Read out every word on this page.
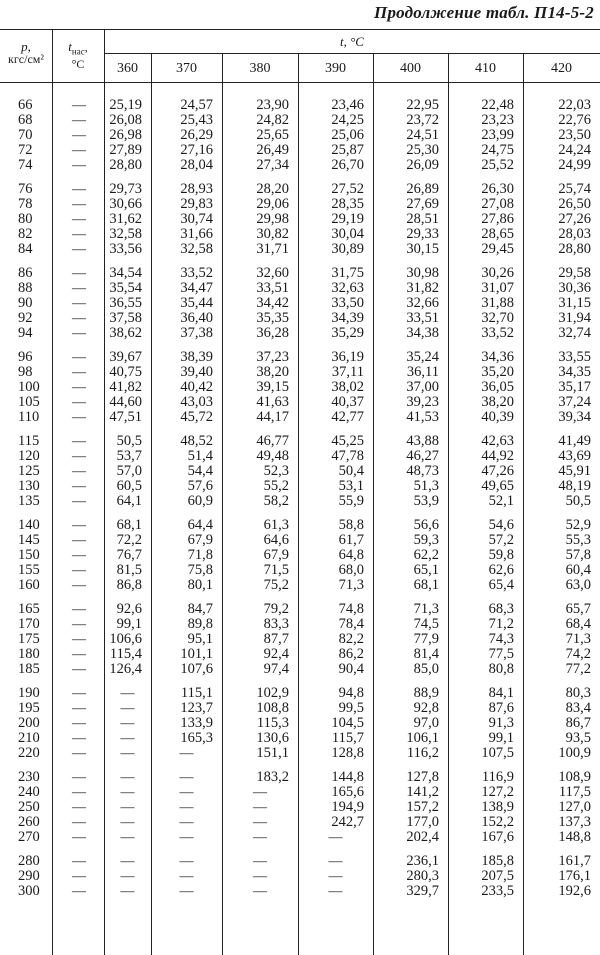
Продолжение табл. П14-5-2
p,
кгс/см²
$t_{нас}$,
°C
t, °C
360	370	380	390	400	410	420
66	—	25,19	24,57	23,90	23,46	22,95	22,48	22,03
68	—	26,08	25,43	24,82	24,25	23,72	23,23	22,76
70	—	26,98	26,29	25,65	25,06	24,51	23,99	23,50
72	—	27,89	27,16	26,49	25,87	25,30	24,75	24,24
74	—	28,80	28,04	27,34	26,70	26,09	25,52	24,99
76	—	29,73	28,93	28,20	27,52	26,89	26,30	25,74
78	—	30,66	29,83	29,06	28,35	27,69	27,08	26,50
80	—	31,62	30,74	29,98	29,19	28,51	27,86	27,26
82	—	32,58	31,66	30,82	30,04	29,33	28,65	28,03
84	—	33,56	32,58	31,71	30,89	30,15	29,45	28,80
86	—	34,54	33,52	32,60	31,75	30,98	30,26	29,58
88	—	35,54	34,47	33,51	32,63	31,82	31,07	30,36
90	—	36,55	35,44	34,42	33,50	32,66	31,88	31,15
92	—	37,58	36,40	35,35	34,39	33,51	32,70	31,94
94	—	38,62	37,38	36,28	35,29	34,38	33,52	32,74
96	—	39,67	38,39	37,23	36,19	35,24	34,36	33,55
98	—	40,75	39,40	38,20	37,11	36,11	35,20	34,35
100	—	41,82	40,42	39,15	38,02	37,00	36,05	35,17
105	—	44,60	43,03	41,63	40,37	39,23	38,20	37,24
110	—	47,51	45,72	44,17	42,77	41,53	40,39	39,34
115	—	50,5	48,52	46,77	45,25	43,88	42,63	41,49
120	—	53,7	51,4	49,48	47,78	46,27	44,92	43,69
125	—	57,0	54,4	52,3	50,4	48,73	47,26	45,91
130	—	60,5	57,6	55,2	53,1	51,3	49,65	48,19
135	—	64,1	60,9	58,2	55,9	53,9	52,1	50,5
140	—	68,1	64,4	61,3	58,8	56,6	54,6	52,9
145	—	72,2	67,9	64,6	61,7	59,3	57,2	55,3
150	—	76,7	71,8	67,9	64,8	62,2	59,8	57,8
155	—	81,5	75,8	71,5	68,0	65,1	62,6	60,4
160	—	86,8	80,1	75,2	71,3	68,1	65,4	63,0
165	—	92,6	84,7	79,2	74,8	71,3	68,3	65,7
170	—	99,1	89,8	83,3	78,4	74,5	71,2	68,4
175	—	106,6	95,1	87,7	82,2	77,9	74,3	71,3
180	—	115,4	101,1	92,4	86,2	81,4	77,5	74,2
185	—	126,4	107,6	97,4	90,4	85,0	80,8	77,2
190	—	—	115,1	102,9	94,8	88,9	84,1	80,3
195	—	—	123,7	108,8	99,5	92,8	87,6	83,4
200	—	—	133,9	115,3	104,5	97,0	91,3	86,7
210	—	—	165,3	130,6	115,7	106,1	99,1	93,5
220	—	—	—	151,1	128,8	116,2	107,5	100,9
230	—	—	—	183,2	144,8	127,8	116,9	108,9
240	—	—	—	—	165,6	141,2	127,2	117,5
250	—	—	—	—	194,9	157,2	138,9	127,0
260	—	—	—	—	242,7	177,0	152,2	137,3
270	—	—	—	—	—	202,4	167,6	148,8
280	—	—	—	—	—	236,1	185,8	161,7
290	—	—	—	—	—	280,3	207,5	176,1
300	—	—	—	—	—	329,7	233,5	192,6
